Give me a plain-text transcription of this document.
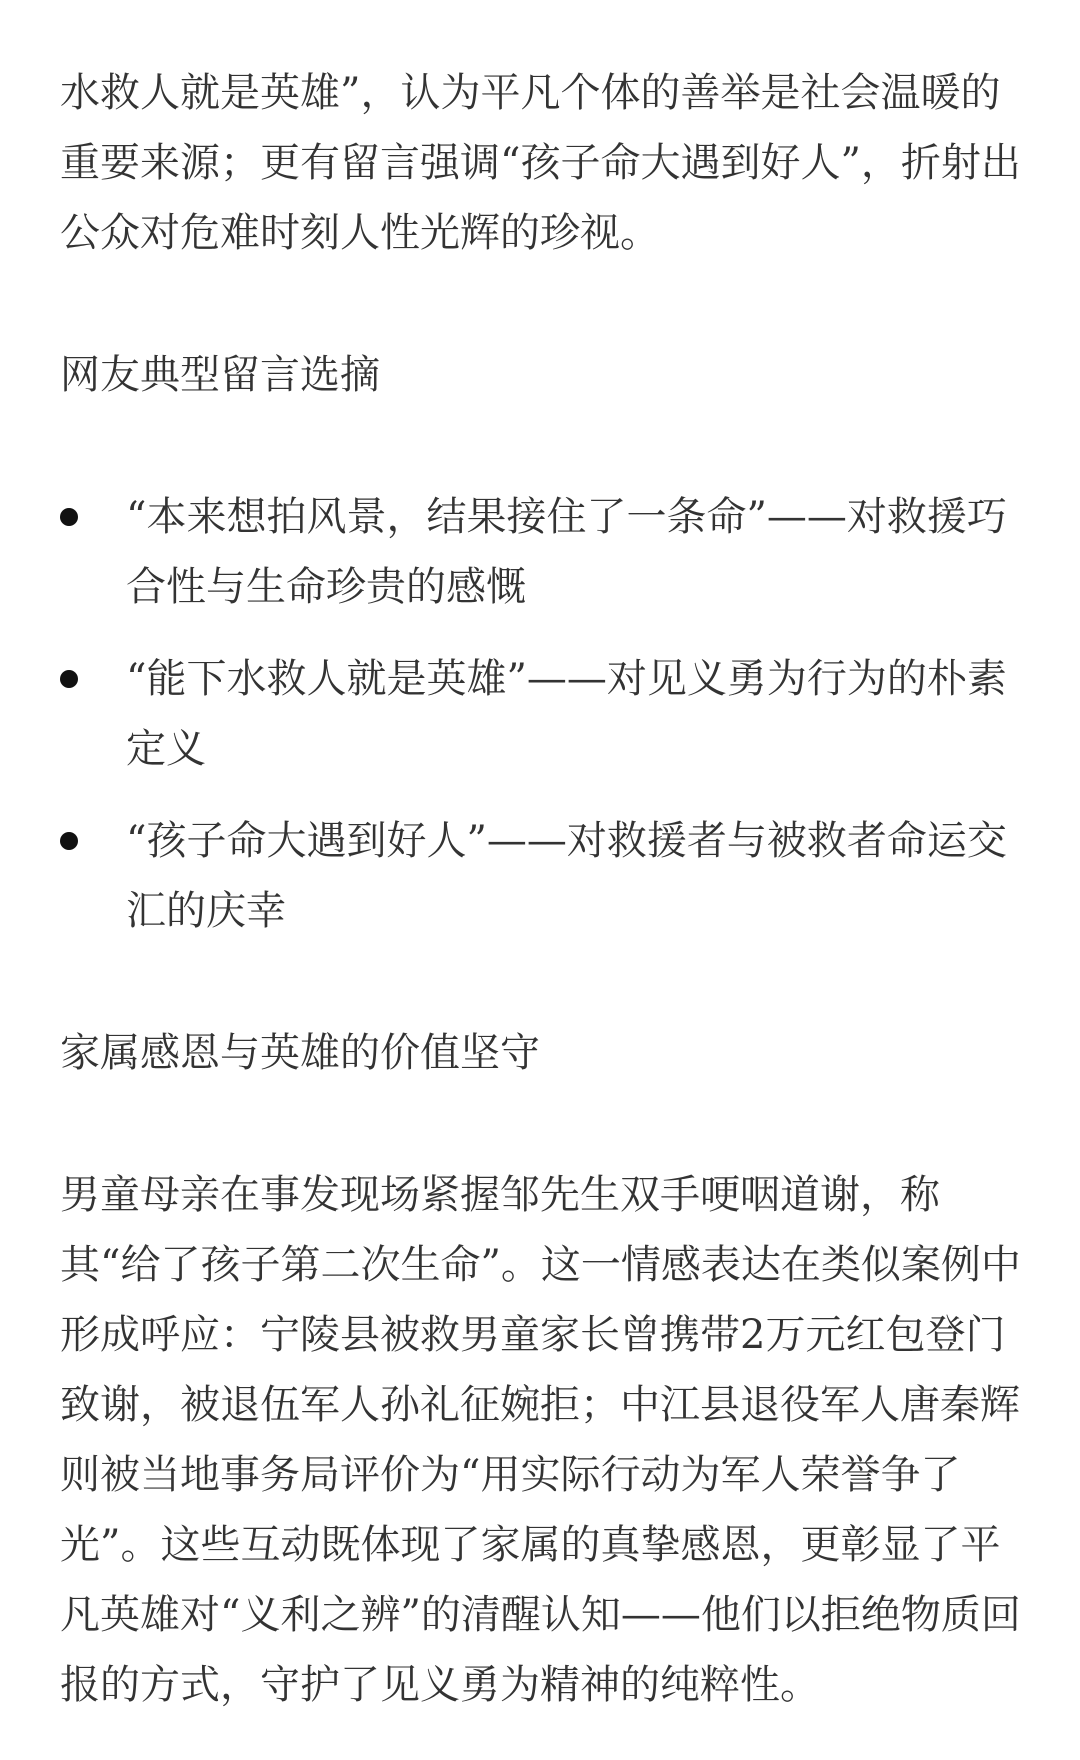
水救人就是英雄”，认为平凡个体的善举是社会温暖的重要来源；更有留言强调“孩子命大遇到好人”，折射出公众对危难时刻人性光辉的珍视。

网友典型留言选摘

“本来想拍风景，结果接住了一条命”——对救援巧合性与生命珍贵的感慨
“能下水救人就是英雄”——对见义勇为行为的朴素定义
“孩子命大遇到好人”——对救援者与被救者命运交汇的庆幸

家属感恩与英雄的价值坚守

男童母亲在事发现场紧握邹先生双手哽咽道谢，称其“给了孩子第二次生命”。这一情感表达在类似案例中形成呼应：宁陵县被救男童家长曾携带2万元红包登门致谢，被退伍军人孙礼征婉拒；中江县退役军人唐秦辉则被当地事务局评价为“用实际行动为军人荣誉争了光”。这些互动既体现了家属的真挚感恩，更彰显了平凡英雄对“义利之辨”的清醒认知——他们以拒绝物质回报的方式，守护了见义勇为精神的纯粹性。
